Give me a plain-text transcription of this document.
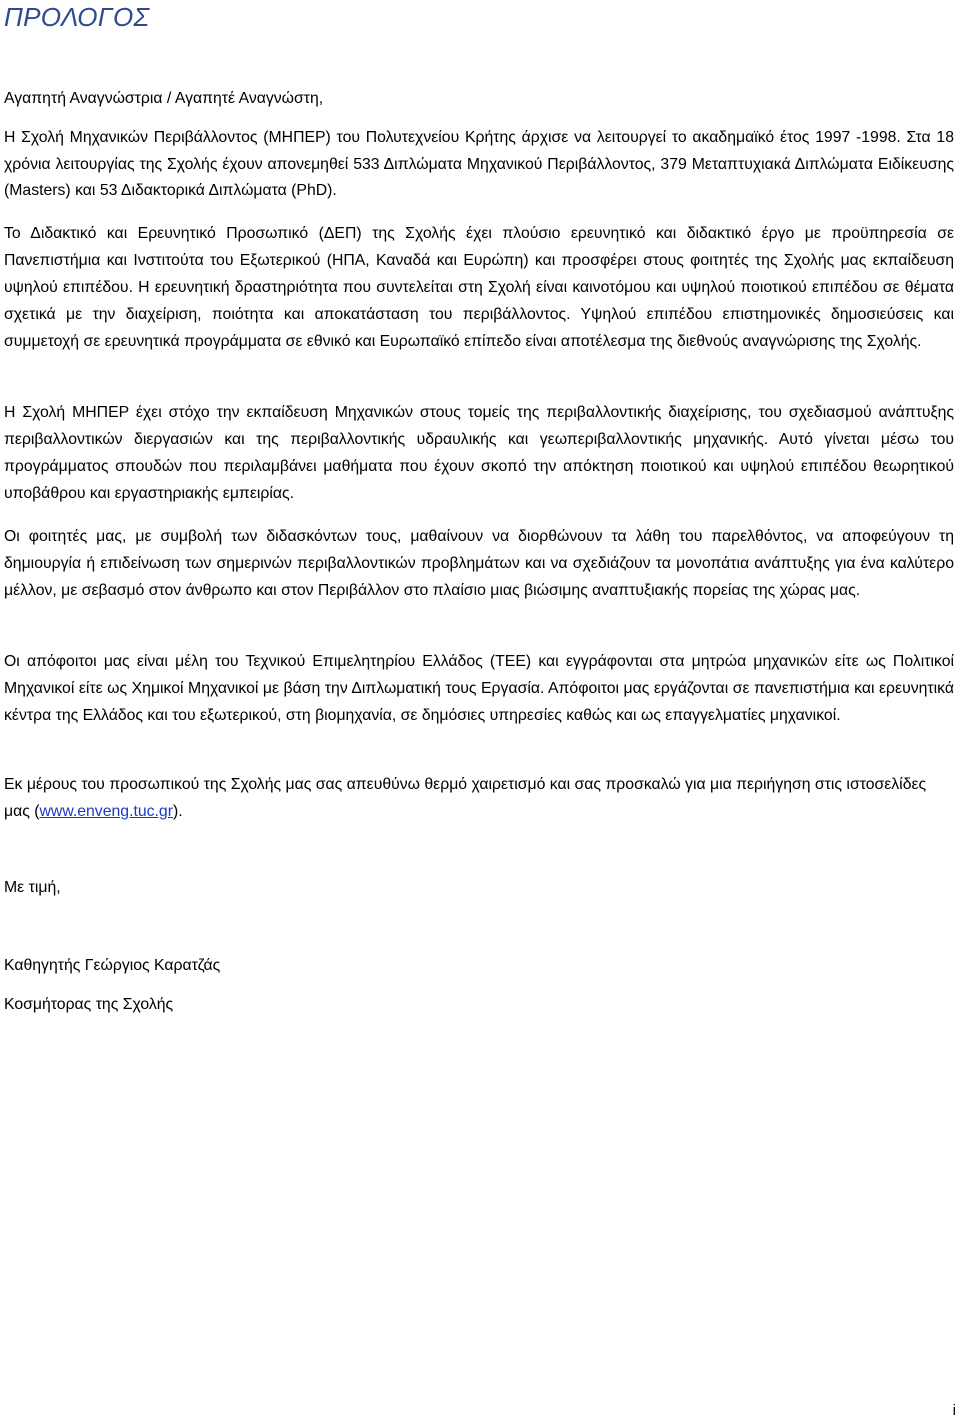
ΠΡΟΛΟΓΟΣ

Αγαπητή Αναγνώστρια / Αγαπητέ Αναγνώστη,

Η Σχολή Μηχανικών Περιβάλλοντος (ΜΗΠΕΡ) του Πολυτεχνείου Κρήτης άρχισε να λειτουργεί το ακαδημαϊκό έτος 1997 -1998. Στα 18 χρόνια λειτουργίας της Σχολής έχουν απονεμηθεί 533 Διπλώματα Μηχανικού Περιβάλλοντος, 379 Μεταπτυχιακά Διπλώματα Ειδίκευσης (Masters) και 53 Διδακτορικά Διπλώματα (PhD).

Το Διδακτικό και Ερευνητικό Προσωπικό (ΔΕΠ) της Σχολής έχει πλούσιο ερευνητικό και διδακτικό έργο με προϋπηρεσία σε Πανεπιστήμια και Ινστιτούτα του Εξωτερικού (ΗΠΑ, Καναδά και Ευρώπη) και προσφέρει στους φοιτητές της Σχολής μας εκπαίδευση υψηλού επιπέδου. Η ερευνητική δραστηριότητα που συντελείται στη Σχολή είναι καινοτόμου και υψηλού ποιοτικού επιπέδου σε θέματα σχετικά με την διαχείριση, ποιότητα και αποκατάσταση του περιβάλλοντος. Υψηλού επιπέδου επιστημονικές δημοσιεύσεις και συμμετοχή σε ερευνητικά προγράμματα σε εθνικό και Ευρωπαϊκό επίπεδο είναι αποτέλεσμα της διεθνούς αναγνώρισης της Σχολής.

Η Σχολή ΜΗΠΕΡ έχει στόχο την εκπαίδευση Μηχανικών στους τομείς της περιβαλλοντικής διαχείρισης, του σχεδιασμού ανάπτυξης περιβαλλοντικών διεργασιών και της περιβαλλοντικής υδραυλικής και γεωπεριβαλλοντικής μηχανικής. Αυτό γίνεται μέσω του προγράμματος σπουδών που περιλαμβάνει μαθήματα που έχουν σκοπό την απόκτηση ποιοτικού και υψηλού επιπέδου θεωρητικού υποβάθρου και εργαστηριακής εμπειρίας.

Οι φοιτητές μας, με συμβολή των διδασκόντων τους, μαθαίνουν να διορθώνουν τα λάθη του παρελθόντος, να αποφεύγουν τη δημιουργία ή επιδείνωση των σημερινών περιβαλλοντικών προβλημάτων και να σχεδιάζουν τα μονοπάτια ανάπτυξης για ένα καλύτερο μέλλον, με σεβασμό στον άνθρωπο και στον Περιβάλλον στο πλαίσιο μιας βιώσιμης αναπτυξιακής πορείας της χώρας μας.

Οι απόφοιτοι μας είναι μέλη του Τεχνικού Επιμελητηρίου Ελλάδος (ΤΕΕ) και εγγράφονται στα μητρώα μηχανικών είτε ως Πολιτικοί Μηχανικοί είτε ως Χημικοί Μηχανικοί με βάση την Διπλωματική τους Εργασία. Απόφοιτοι μας εργάζονται σε πανεπιστήμια και ερευνητικά κέντρα της Ελλάδος και του εξωτερικού, στη βιομηχανία, σε δημόσιες υπηρεσίες καθώς και ως επαγγελματίες μηχανικοί.

Εκ μέρους του προσωπικού της Σχολής μας σας απευθύνω θερμό χαιρετισμό και σας προσκαλώ για μια περιήγηση στις ιστοσελίδες μας (www.enveng.tuc.gr).

Με τιμή,

Καθηγητής Γεώργιος Καρατζάς

Κοσμήτορας της Σχολής

i
